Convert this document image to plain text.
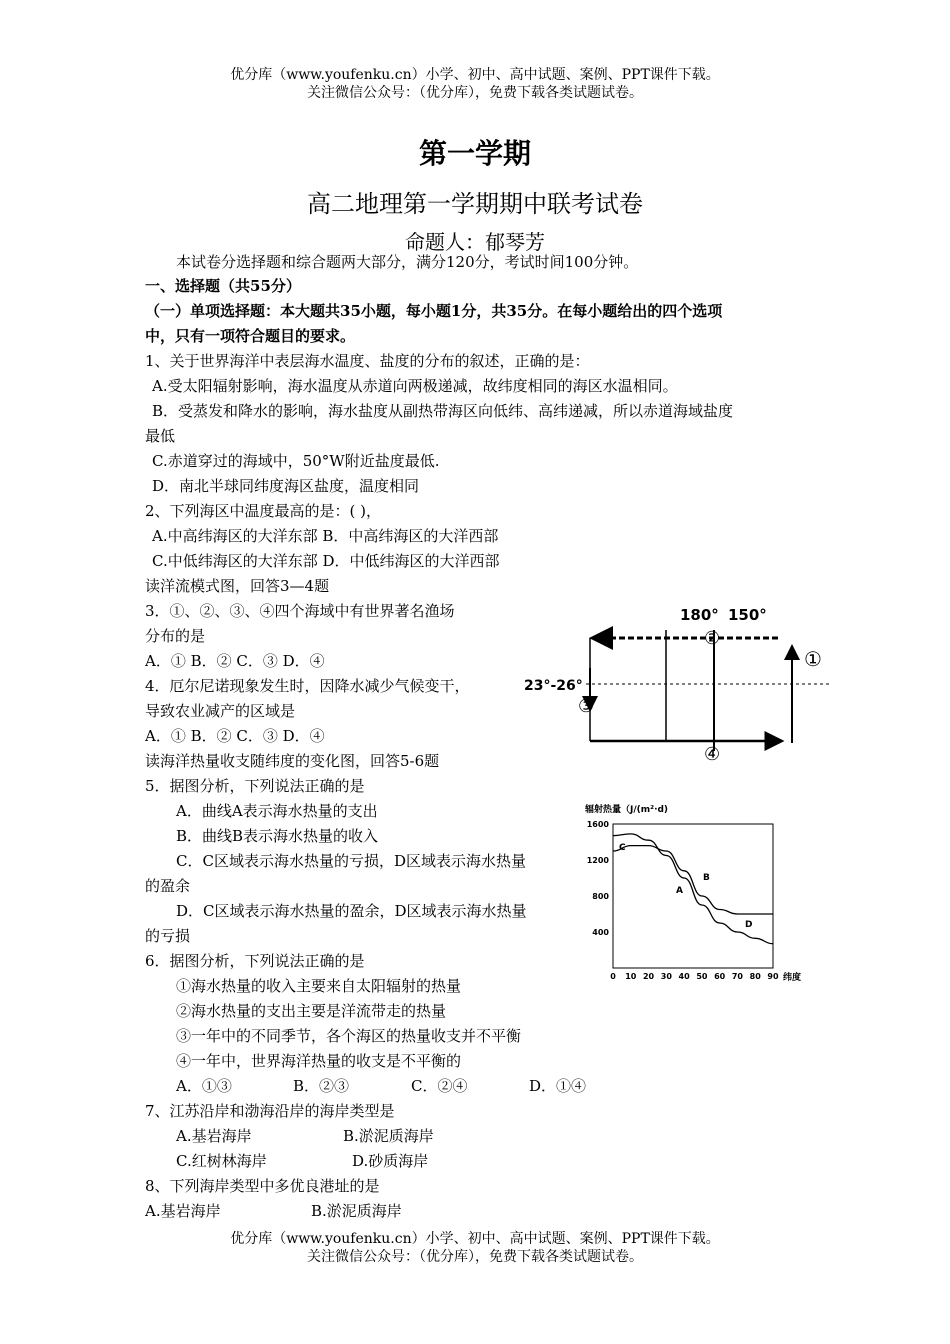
优分库（www.youfenku.cn）小学、初中、高中试题、案例、PPT课件下载。
关注微信公众号：（优分库），免费下载各类试题试卷。
第一学期
高二地理第一学期期中联考试卷
命题人：郁琴芳
本试卷分选择题和综合题两大部分，满分120分，考试时间100分钟。
一、选择题（共55分）
（一）单项选择题：本大题共35小题，每小题1分，共35分。在每小题给出的四个选项
中，只有一项符合题目的要求。
1、关于世界海洋中表层海水温度、盐度的分布的叙述，正确的是：
A.受太阳辐射影响，海水温度从赤道向两极递减，故纬度相同的海区水温相同。
B．受蒸发和降水的影响，海水盐度从副热带海区向低纬、高纬递减，所以赤道海域盐度
最低
C.赤道穿过的海域中，50°W附近盐度最低.
D．南北半球同纬度海区盐度，温度相同
2、下列海区中温度最高的是：( )，
A.中高纬海区的大洋东部 B．中高纬海区的大洋西部
C.中低纬海区的大洋东部 D．中低纬海区的大洋西部
读洋流模式图，回答3—4题
3．①、②、③、④四个海域中有世界著名渔场
分布的是
A．① B．② C．③ D．④
4．厄尔尼诺现象发生时，因降水减少气候变干，
导致农业减产的区域是
A．① B．② C．③ D．④
读海洋热量收支随纬度的变化图，回答5-6题
5．据图分析，下列说法正确的是
A．曲线A表示海水热量的支出
B．曲线B表示海水热量的收入
C．C区域表示海水热量的亏损，D区域表示海水热量
的盈余
D．C区域表示海水热量的盈余，D区域表示海水热量
的亏损
6．据图分析，下列说法正确的是
①海水热量的收入主要来自太阳辐射的热量
②海水热量的支出主要是洋流带走的热量
③一年中的不同季节，各个海区的热量收支并不平衡
④一年中，世界海洋热量的收支是不平衡的
A．①③	B．②③	C．②④	D．①④
7、江苏沿岸和渤海沿岸的海岸类型是
A.基岩海岸	B.淤泥质海岸
C.红树林海岸	D.砂质海岸
8、下列海岸类型中多优良港址的是
A.基岩海岸	B.淤泥质海岸
180° 150°
23°-26°
②
①
③
④
辐射热量（J/(m²·d)
纬度
0 10 20 30 40 50 60 70 80 90
400
800
1200
1600
C
B
A
D
优分库（www.youfenku.cn）小学、初中、高中试题、案例、PPT课件下载。
关注微信公众号：（优分库），免费下载各类试题试卷。
